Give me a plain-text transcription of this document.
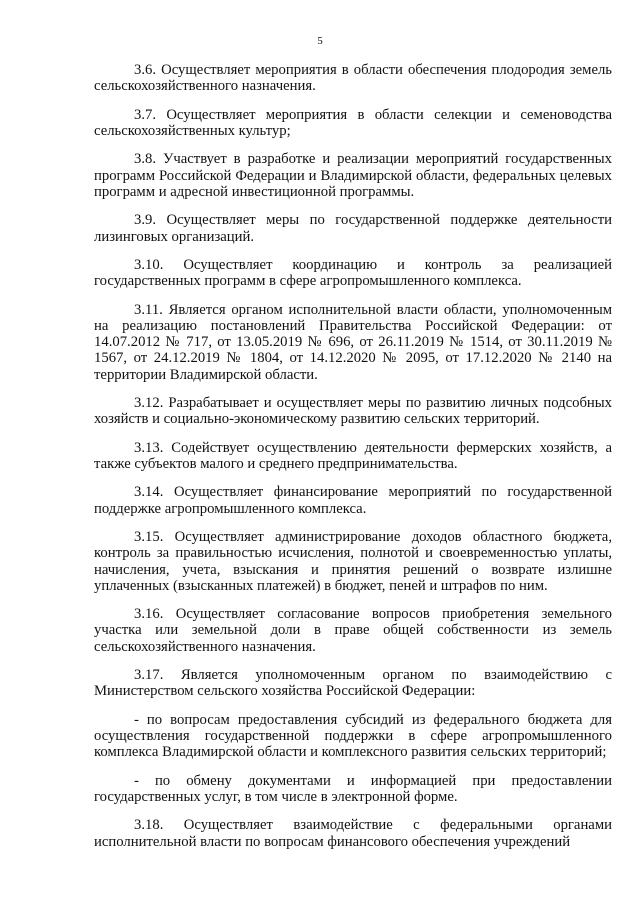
5

3.6. Осуществляет мероприятия в области обеспечения плодородия земель сельскохозяйственного назначения.

3.7. Осуществляет мероприятия в области селекции и семеноводства сельскохозяйственных культур;

3.8. Участвует в разработке и реализации мероприятий государственных программ Российской Федерации и Владимирской области, федеральных целевых программ и адресной инвестиционной программы.

3.9. Осуществляет меры по государственной поддержке деятельности лизинговых организаций.

3.10. Осуществляет координацию и контроль за реализацией государственных программ в сфере агропромышленного комплекса.

3.11. Является органом исполнительной власти области, уполномоченным на реализацию постановлений Правительства Российской Федерации: от 14.07.2012 № 717, от 13.05.2019 № 696, от 26.11.2019 № 1514, от 30.11.2019 № 1567, от 24.12.2019 № 1804, от 14.12.2020 № 2095, от 17.12.2020 № 2140 на территории Владимирской области.

3.12. Разрабатывает и осуществляет меры по развитию личных подсобных хозяйств и социально-экономическому развитию сельских территорий.

3.13. Содействует осуществлению деятельности фермерских хозяйств, а также субъектов малого и среднего предпринимательства.

3.14. Осуществляет финансирование мероприятий по государственной поддержке агропромышленного комплекса.

3.15. Осуществляет администрирование доходов областного бюджета, контроль за правильностью исчисления, полнотой и своевременностью уплаты, начисления, учета, взыскания и принятия решений о возврате излишне уплаченных (взысканных платежей) в бюджет, пеней и штрафов по ним.

3.16. Осуществляет согласование вопросов приобретения земельного участка или земельной доли в праве общей собственности из земель сельскохозяйственного назначения.

3.17. Является уполномоченным органом по взаимодействию с Министерством сельского хозяйства Российской Федерации:

- по вопросам предоставления субсидий из федерального бюджета для осуществления государственной поддержки в сфере агропромышленного комплекса Владимирской области и комплексного развития сельских территорий;

- по обмену документами и информацией при предоставлении государственных услуг, в том числе в электронной форме.

3.18. Осуществляет взаимодействие с федеральными органами исполнительной власти по вопросам финансового обеспечения учреждений
